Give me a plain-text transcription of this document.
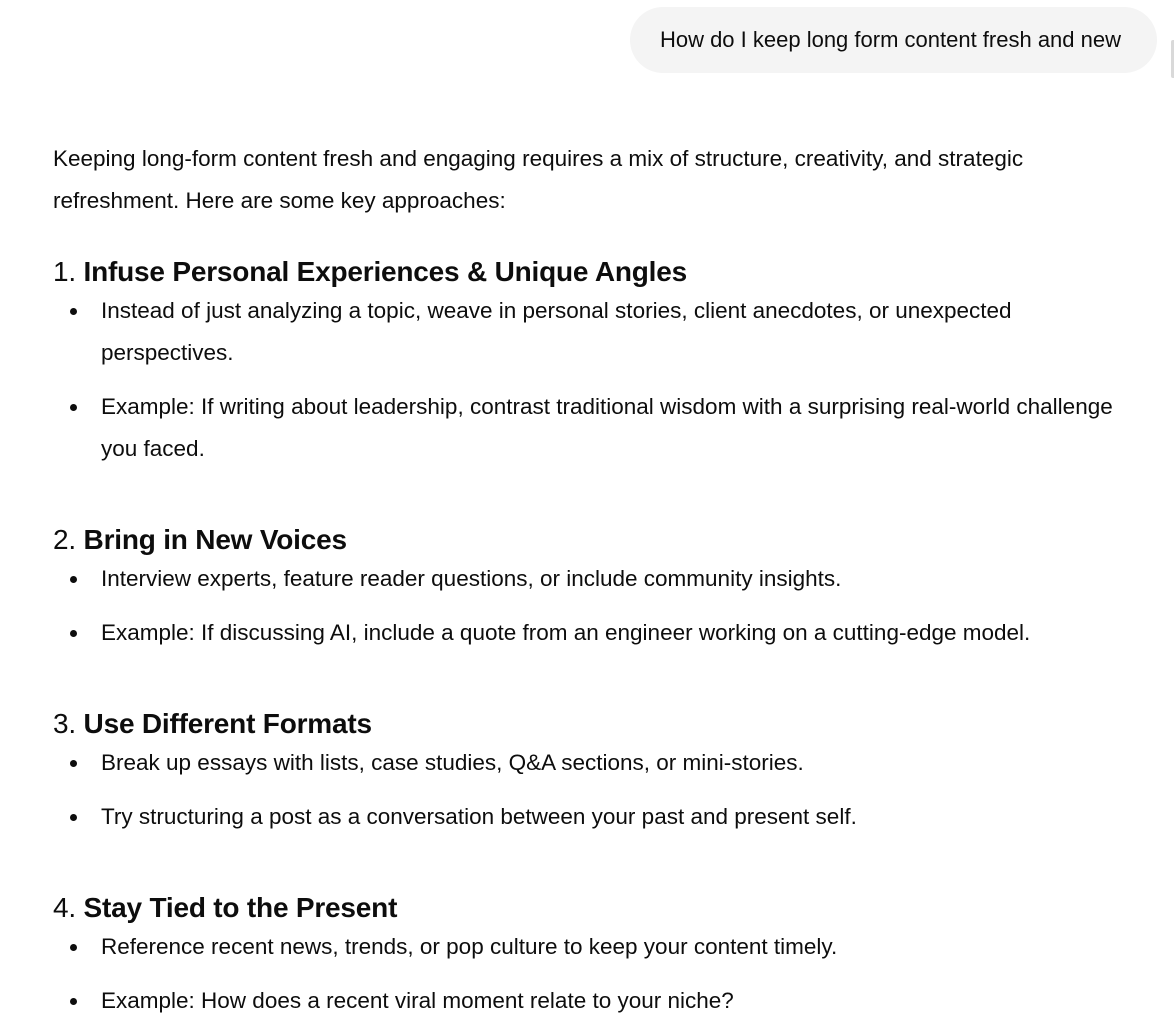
How do I keep long form content fresh and new

Keeping long-form content fresh and engaging requires a mix of structure, creativity, and strategic refreshment. Here are some key approaches:

1. Infuse Personal Experiences & Unique Angles
Instead of just analyzing a topic, weave in personal stories, client anecdotes, or unexpected perspectives.
Example: If writing about leadership, contrast traditional wisdom with a surprising real-world challenge you faced.
2. Bring in New Voices
Interview experts, feature reader questions, or include community insights.
Example: If discussing AI, include a quote from an engineer working on a cutting-edge model.
3. Use Different Formats
Break up essays with lists, case studies, Q&A sections, or mini-stories.
Try structuring a post as a conversation between your past and present self.
4. Stay Tied to the Present
Reference recent news, trends, or pop culture to keep your content timely.
Example: How does a recent viral moment relate to your niche?
